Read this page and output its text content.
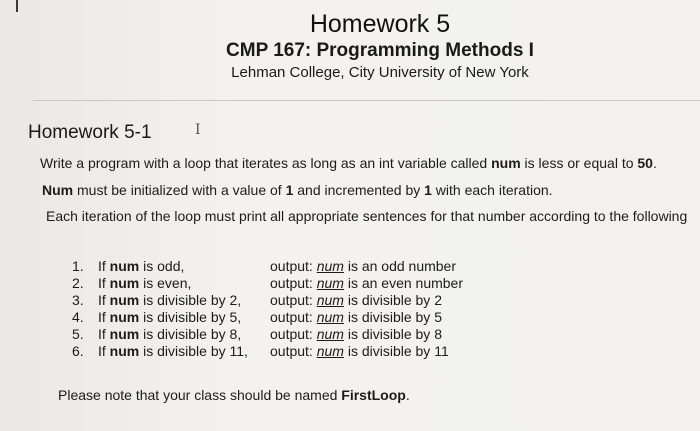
Homework 5
CMP 167: Programming Methods I
Lehman College, City University of New York
Homework 5-1	I
Write a program with a loop that iterates as long as an int variable called num is less or equal to 50.
Num must be initialized with a value of 1 and incremented by 1 with each iteration.
Each iteration of the loop must print all appropriate sentences for that number according to the following
1.	If num is odd,	output: num is an odd number
2.	If num is even,	output: num is an even number
3.	If num is divisible by 2, output: num is divisible by 2
4.	If num is divisible by 5, output: num is divisible by 5
5.	If num is divisible by 8, output: num is divisible by 8
6.	If num is divisible by 11, output: num is divisible by 11
Please note that your class should be named FirstLoop.
